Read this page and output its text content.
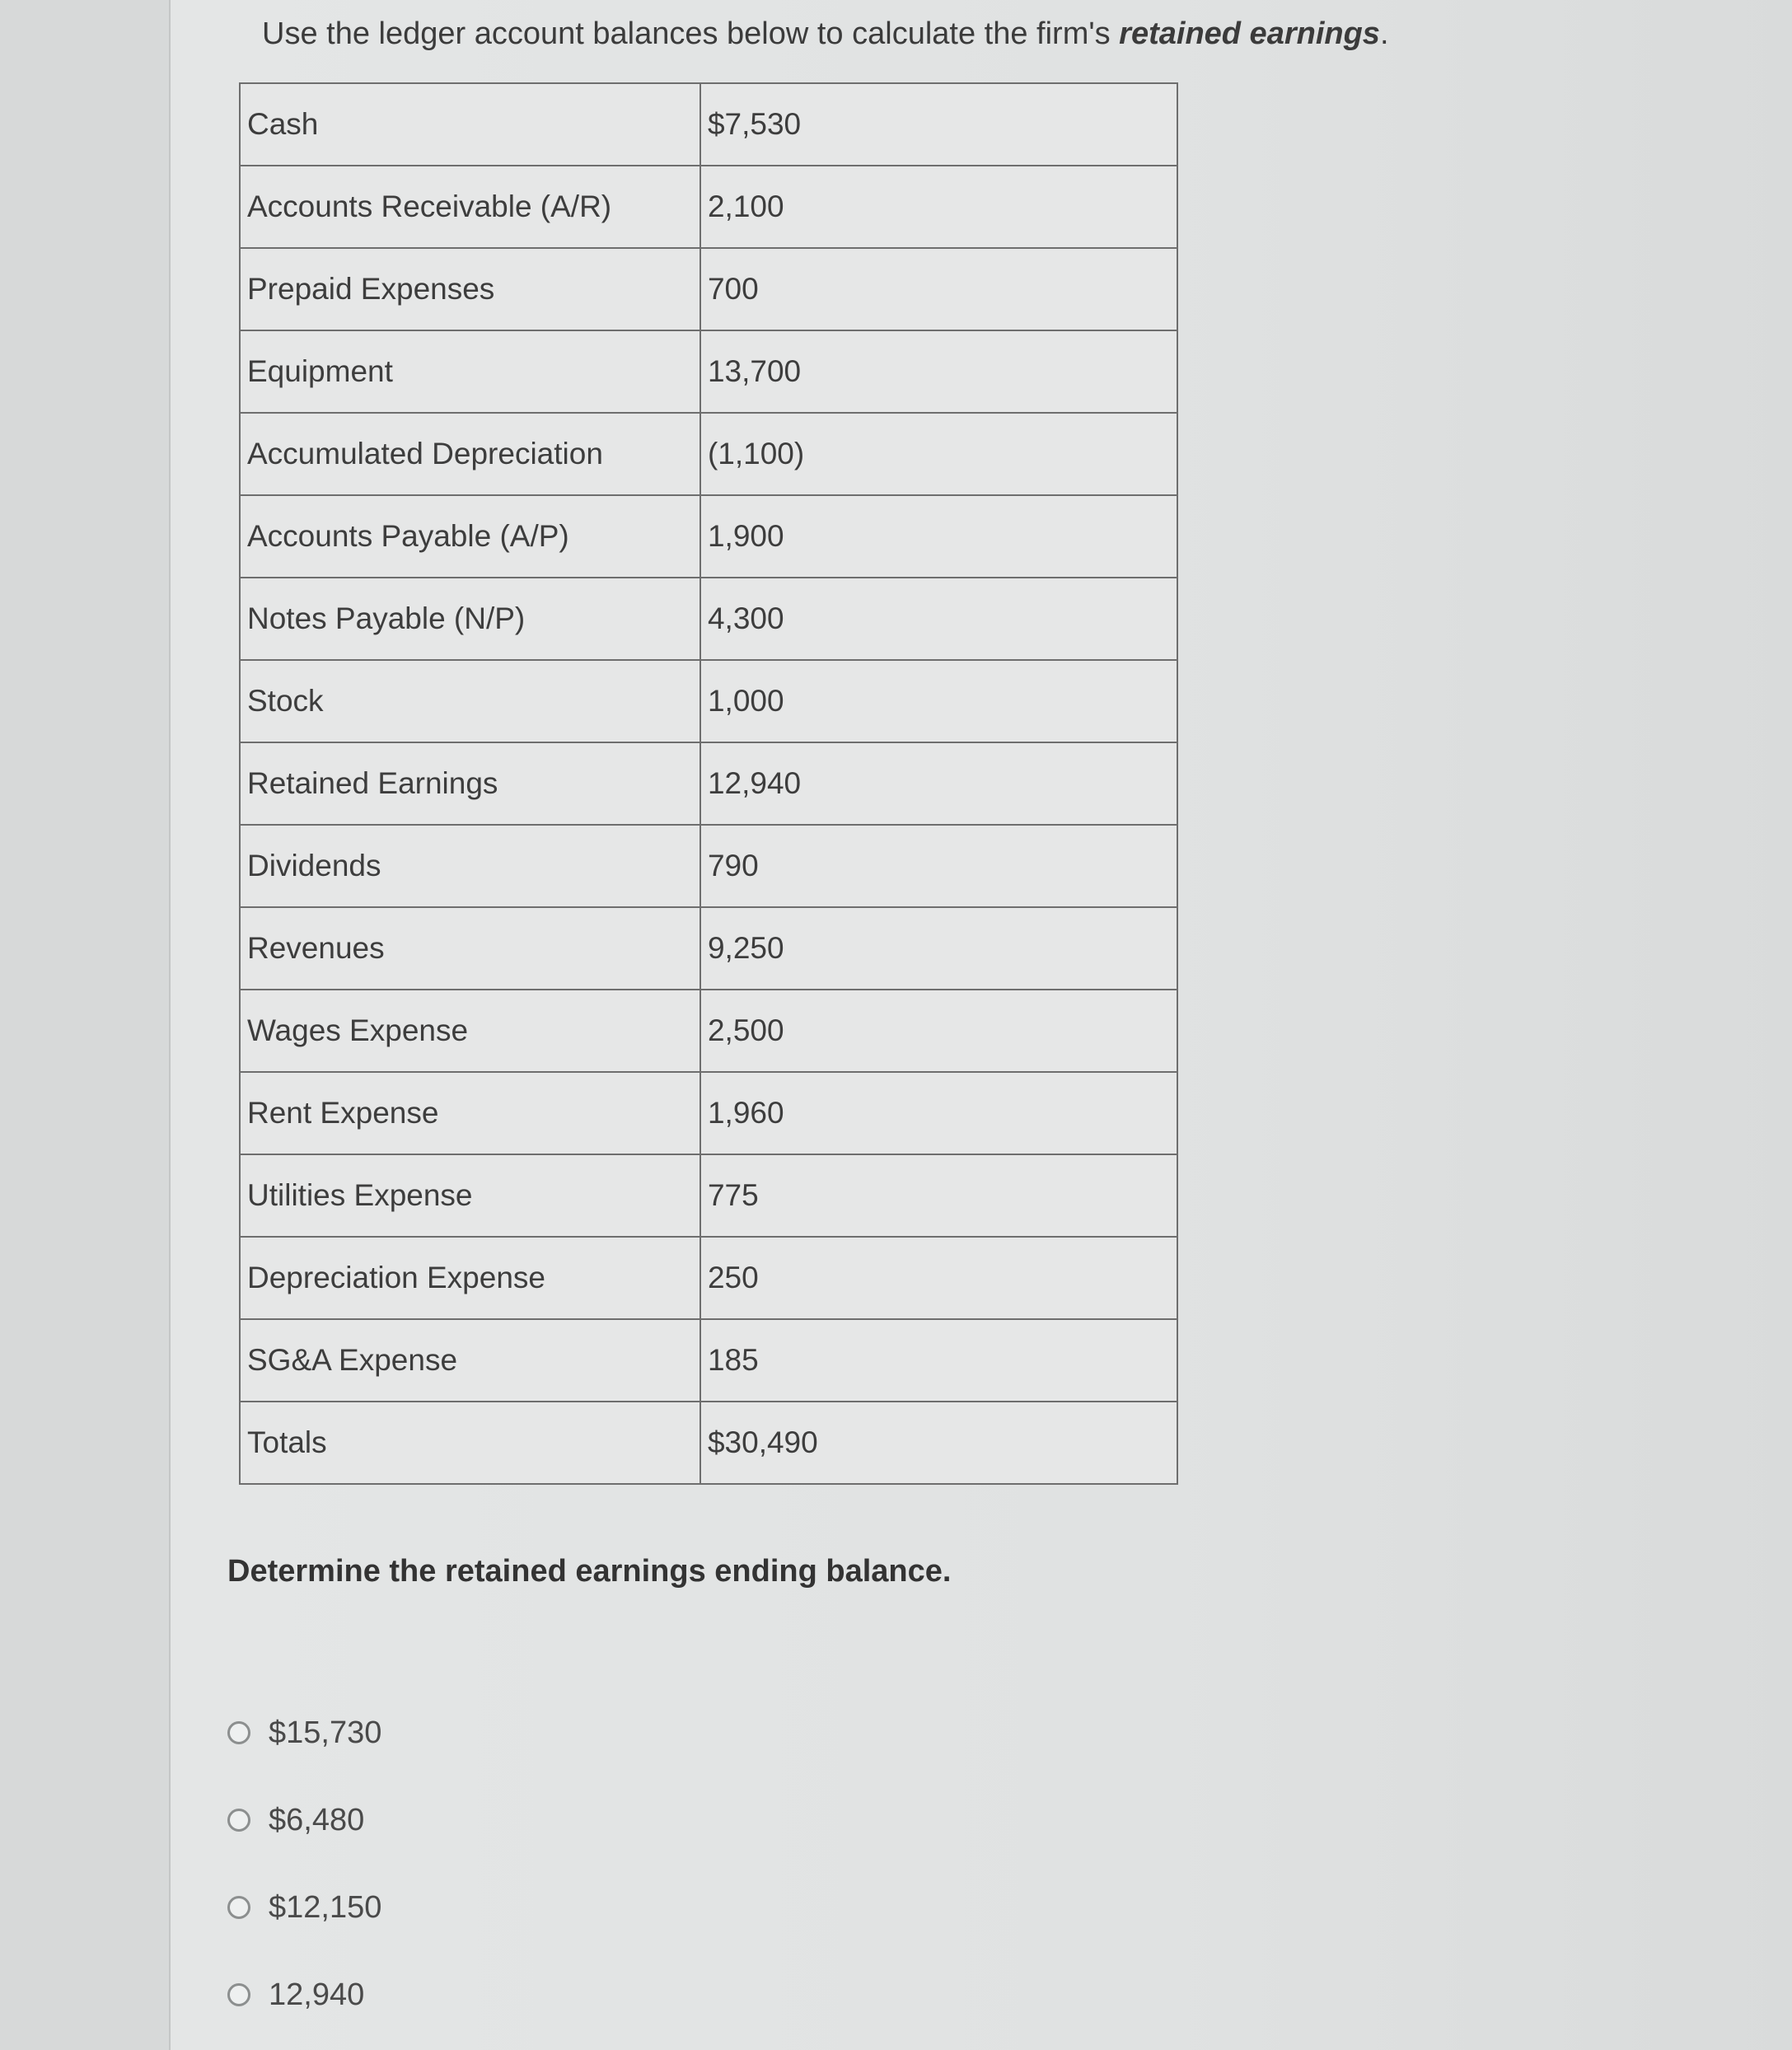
Use the ledger account balances below to calculate the firm's retained earnings.
Cash	$7,530
Accounts Receivable (A/R)	2,100
Prepaid Expenses	700
Equipment	13,700
Accumulated Depreciation	(1,100)
Accounts Payable (A/P)	1,900
Notes Payable (N/P)	4,300
Stock	1,000
Retained Earnings	12,940
Dividends	790
Revenues	9,250
Wages Expense	2,500
Rent Expense	1,960
Utilities Expense	775
Depreciation Expense	250
SG&A Expense	185
Totals	$30,490
Determine the retained earnings ending balance.
$15,730
$6,480
$12,150
12,940
